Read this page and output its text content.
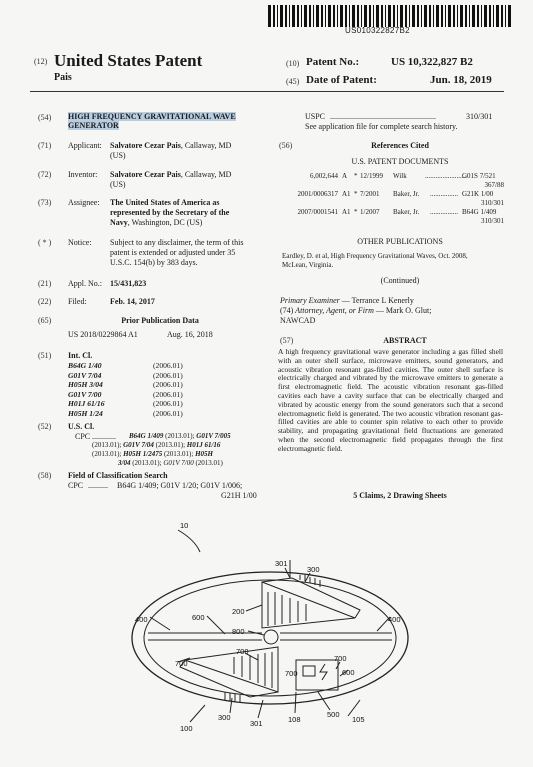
US010322827B2
(12) United States Patent
Pais
(10) Patent No.:	US 10,322,827 B2
(45) Date of Patent:	Jun. 18, 2019
(54) HIGH FREQUENCY GRAVITATIONAL WAVE
GENERATOR
(71) Applicant: Salvatore Cezar Pais, Callaway, MD
(US)
(72) Inventor: Salvatore Cezar Pais, Callaway, MD
(US)
(73) Assignee: The United States of America as
represented by the Secretary of the
Navy, Washington, DC (US)
( * ) Notice: Subject to any disclaimer, the term of this
patent is extended or adjusted under 35
U.S.C. 154(b) by 383 days.
(21) Appl. No.: 15/431,823
(22) Filed:	Feb. 14, 2017
(65)	Prior Publication Data
US 2018/0229864 A1	Aug. 16, 2018
(51) Int. Cl.
B64G 1/40	(2006.01)
G01V 7/04	(2006.01)
H05H 3/04	(2006.01)
G01V 7/00	(2006.01)
H01J 61/16	(2006.01)
H05H 1/24	(2006.01)
(52) U.S. Cl.
CPC ............ B64G 1/409 (2013.01); G01V 7/005
(2013.01); G01V 7/04 (2013.01); H01J 61/16
(2013.01); H05H 1/2475 (2013.01); H05H
3/04 (2013.01); G01V 7/00 (2013.01)
(58) Field of Classification Search
CPC .......... B64G 1/409; G01V 1/20; G01V 1/006;
G21H 1/00
USPC .....................................................	310/301
See application file for complete search history.
(56)	References Cited
U.S. PATENT DOCUMENTS
6,002,644 A * 12/1999 Wilk	........................
G01S 7/521
367/88
2001/0006317 A1 * 7/2001 Baker, Jr. ................ G21K 1/00
310/301
2007/0001541 A1 * 1/2007 Baker, Jr. ................ B64G 1/409
310/301
OTHER PUBLICATIONS
Eardley, D. et al, High Frequency Gravitational Waves, Oct. 2008,
McLean, Virginia.
(Continued)
Primary Examiner — Terrance L Kenerly
(74) Attorney, Agent, or Firm — Mark O. Glut;
NAWCAD
(57)	ABSTRACT
A high frequency gravitational wave generator including a gas filled shell with an outer shell surface, microwave emitters, sound generators, and acoustic vibration resonant gas-filled cavities. The outer shell surface is electrically charged and vibrated by the microwave emitters to generate a first electromagnetic field. The acoustic vibration resonant gas-filled cavities each have a cavity surface that can be electrically charged and vibrated by acoustic energy from the sound generators such that a second electromagnetic field is generated. The two acoustic vibration resonant gas-filled cavities are able to counter spin relative to each other to provide stability, and propagating gravitational field fluctuations are generated when the second electromagnetic field propagates through the first electromagnetic field.
5 Claims, 2 Drawing Sheets
10
301
300
400	600
200
800
400
700
700
700
700
600
300
301	108
500
105
100
